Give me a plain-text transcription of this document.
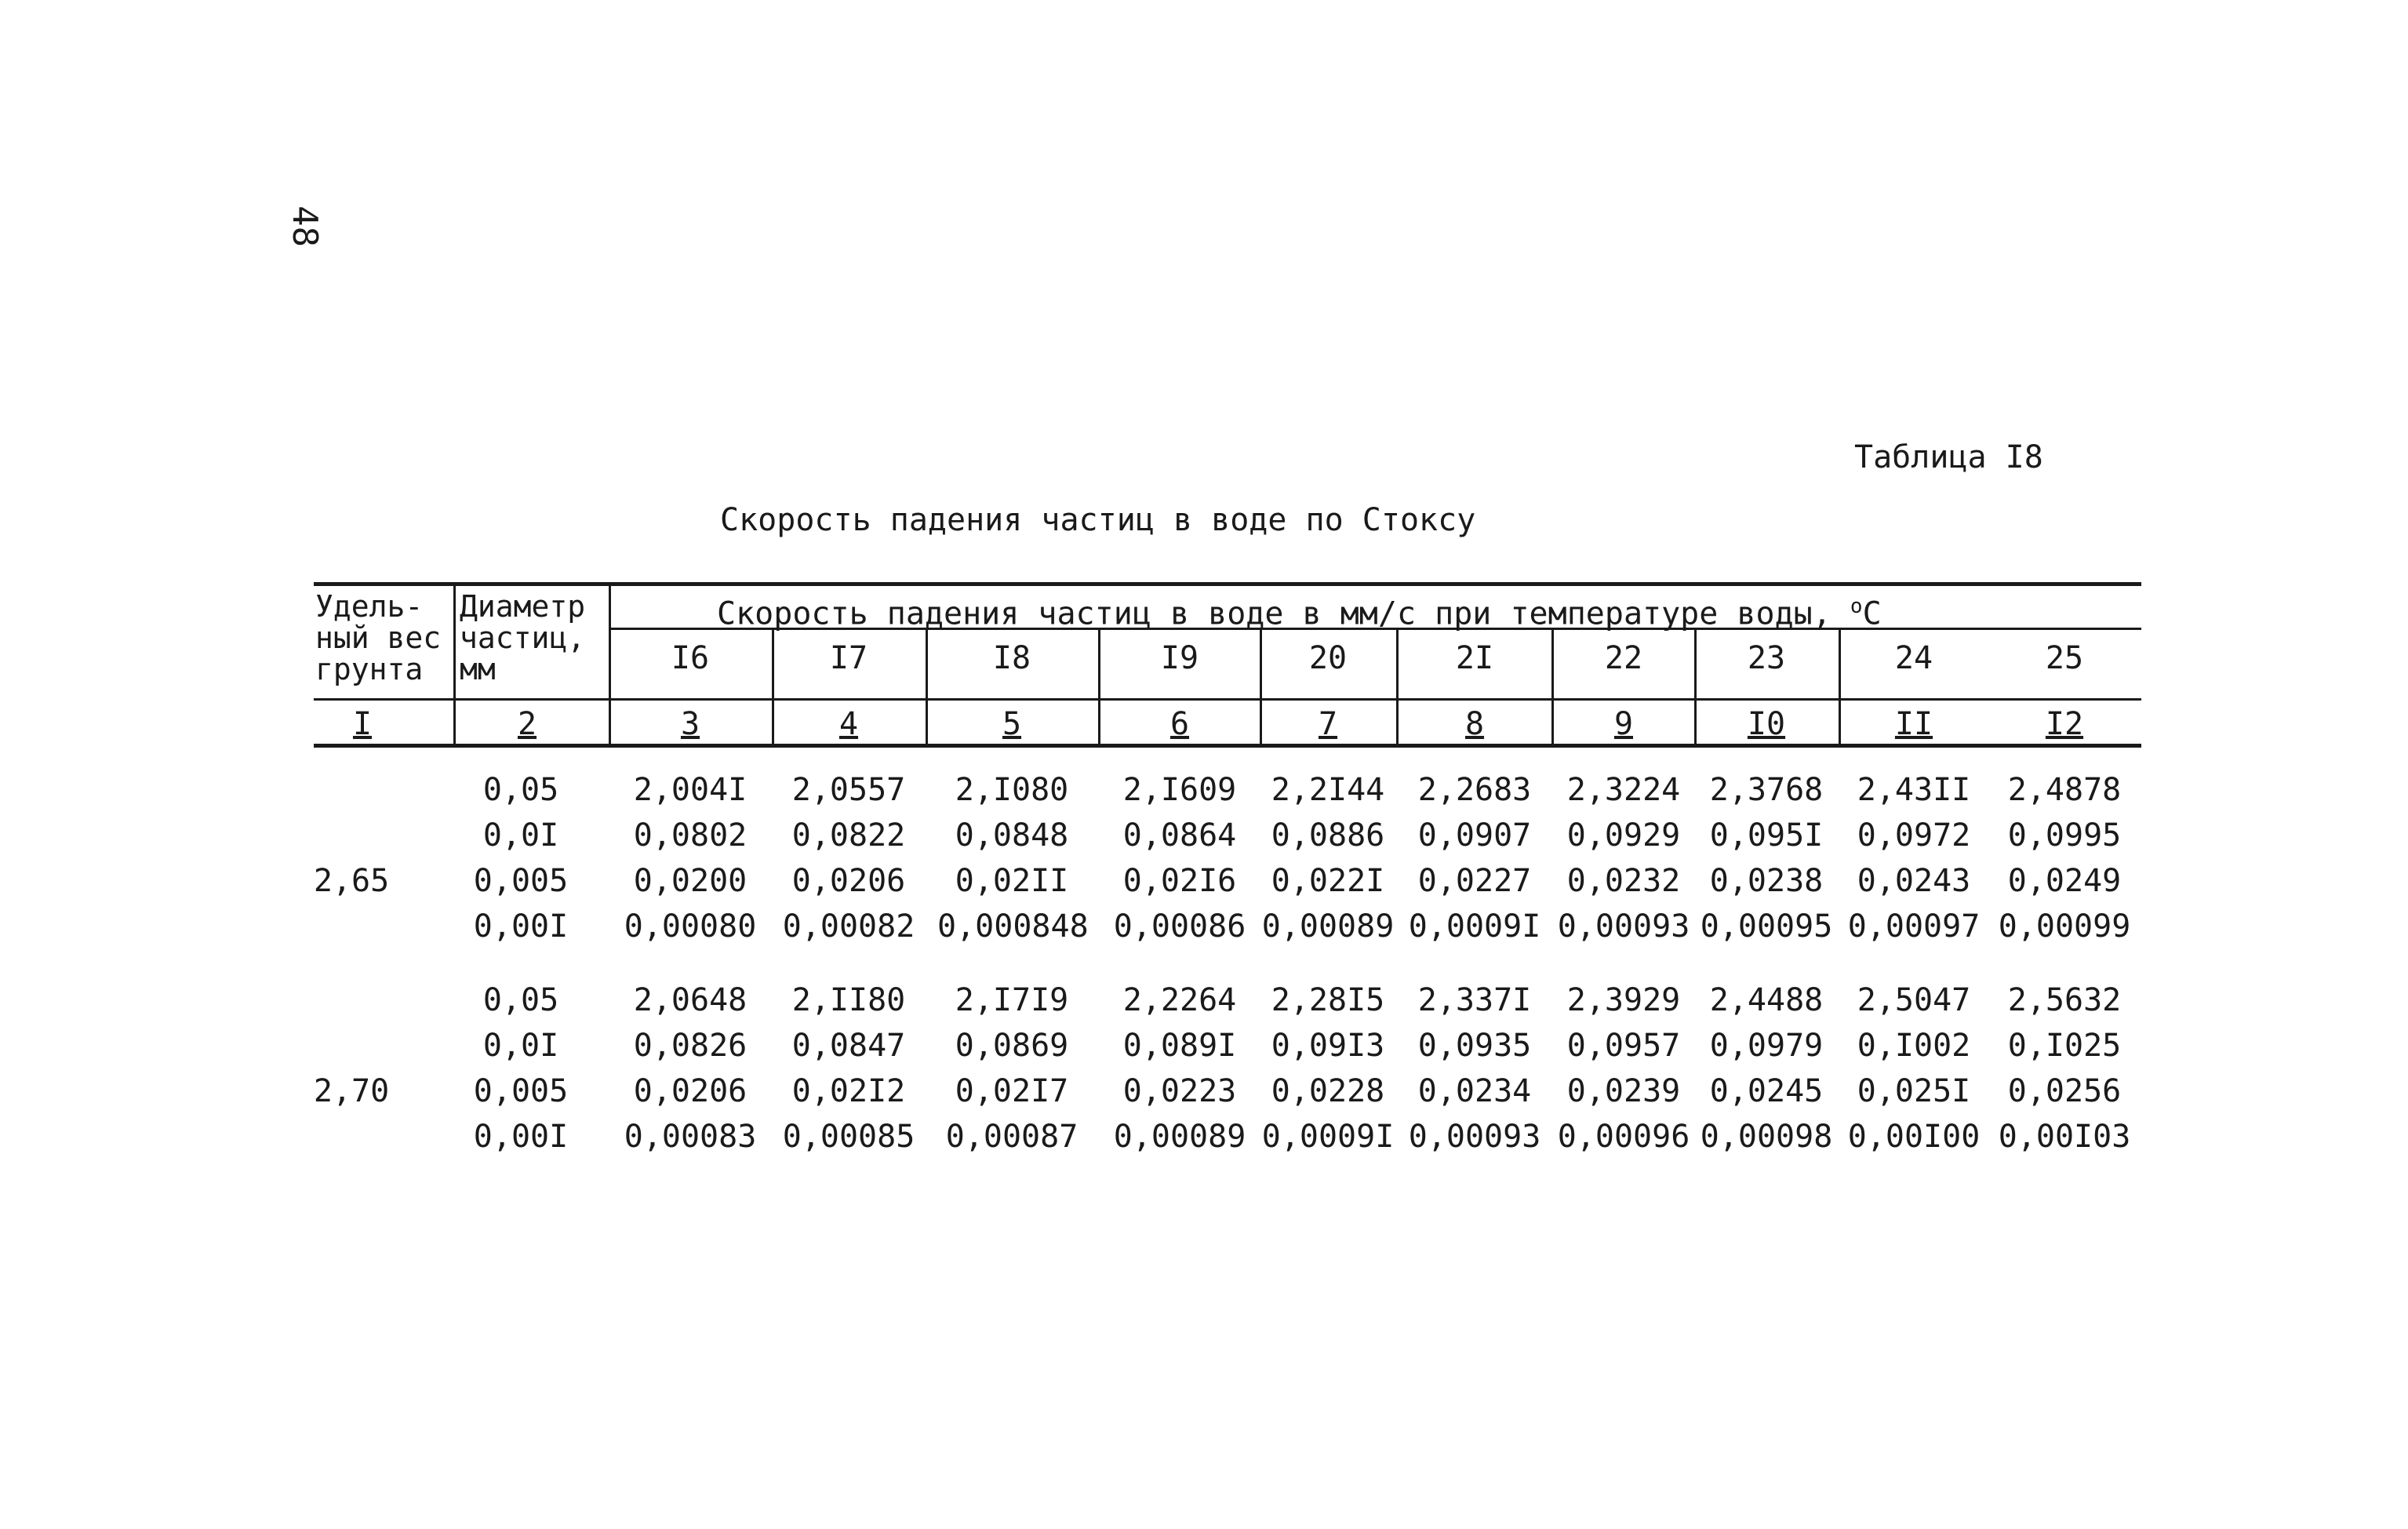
48
Таблица I8
Скорость падения частиц в воде по Стоксу
Удель-
ный вес
грунта
Диаметр
частиц,
мм
Скорость падения частиц в воде в мм/с при температуре воды, $^o$C
I6	I7	I8	I9	20	2I	22	23	24	25
I	2	3	4	5	6	7	8	9	I0	II	I2
2,65
0,05	2,004I	2,0557	2,I080	2,I609	2,2I44	2,2683	2,3224 2,3768	2,43II	2,4878
0,0I	0,0802	0,0822	0,0848	0,0864	0,0886	0,0907	0,0929 0,095I	0,0972	0,0995
0,005	0,0200	0,0206	0,02II	0,02I6	0,022I	0,0227	0,0232 0,0238	0,0243	0,0249
0,00I	0,00080 0,00082 0,000848 0,00086 0,00089 0,0009I 0,00093 0,00095 0,00097 0,00099
2,70
0,05	2,0648	2,II80	2,I7I9	2,2264	2,28I5	2,337I	2,3929 2,4488	2,5047	2,5632
0,0I	0,0826	0,0847	0,0869	0,089I	0,09I3	0,0935	0,0957 0,0979	0,I002	0,I025
0,005	0,0206	0,02I2	0,02I7	0,0223	0,0228	0,0234	0,0239 0,0245	0,025I	0,0256
0,00I	0,00083 0,00085 0,00087 0,00089 0,0009I 0,00093 0,00096 0,00098 0,00I00 0,00I03
